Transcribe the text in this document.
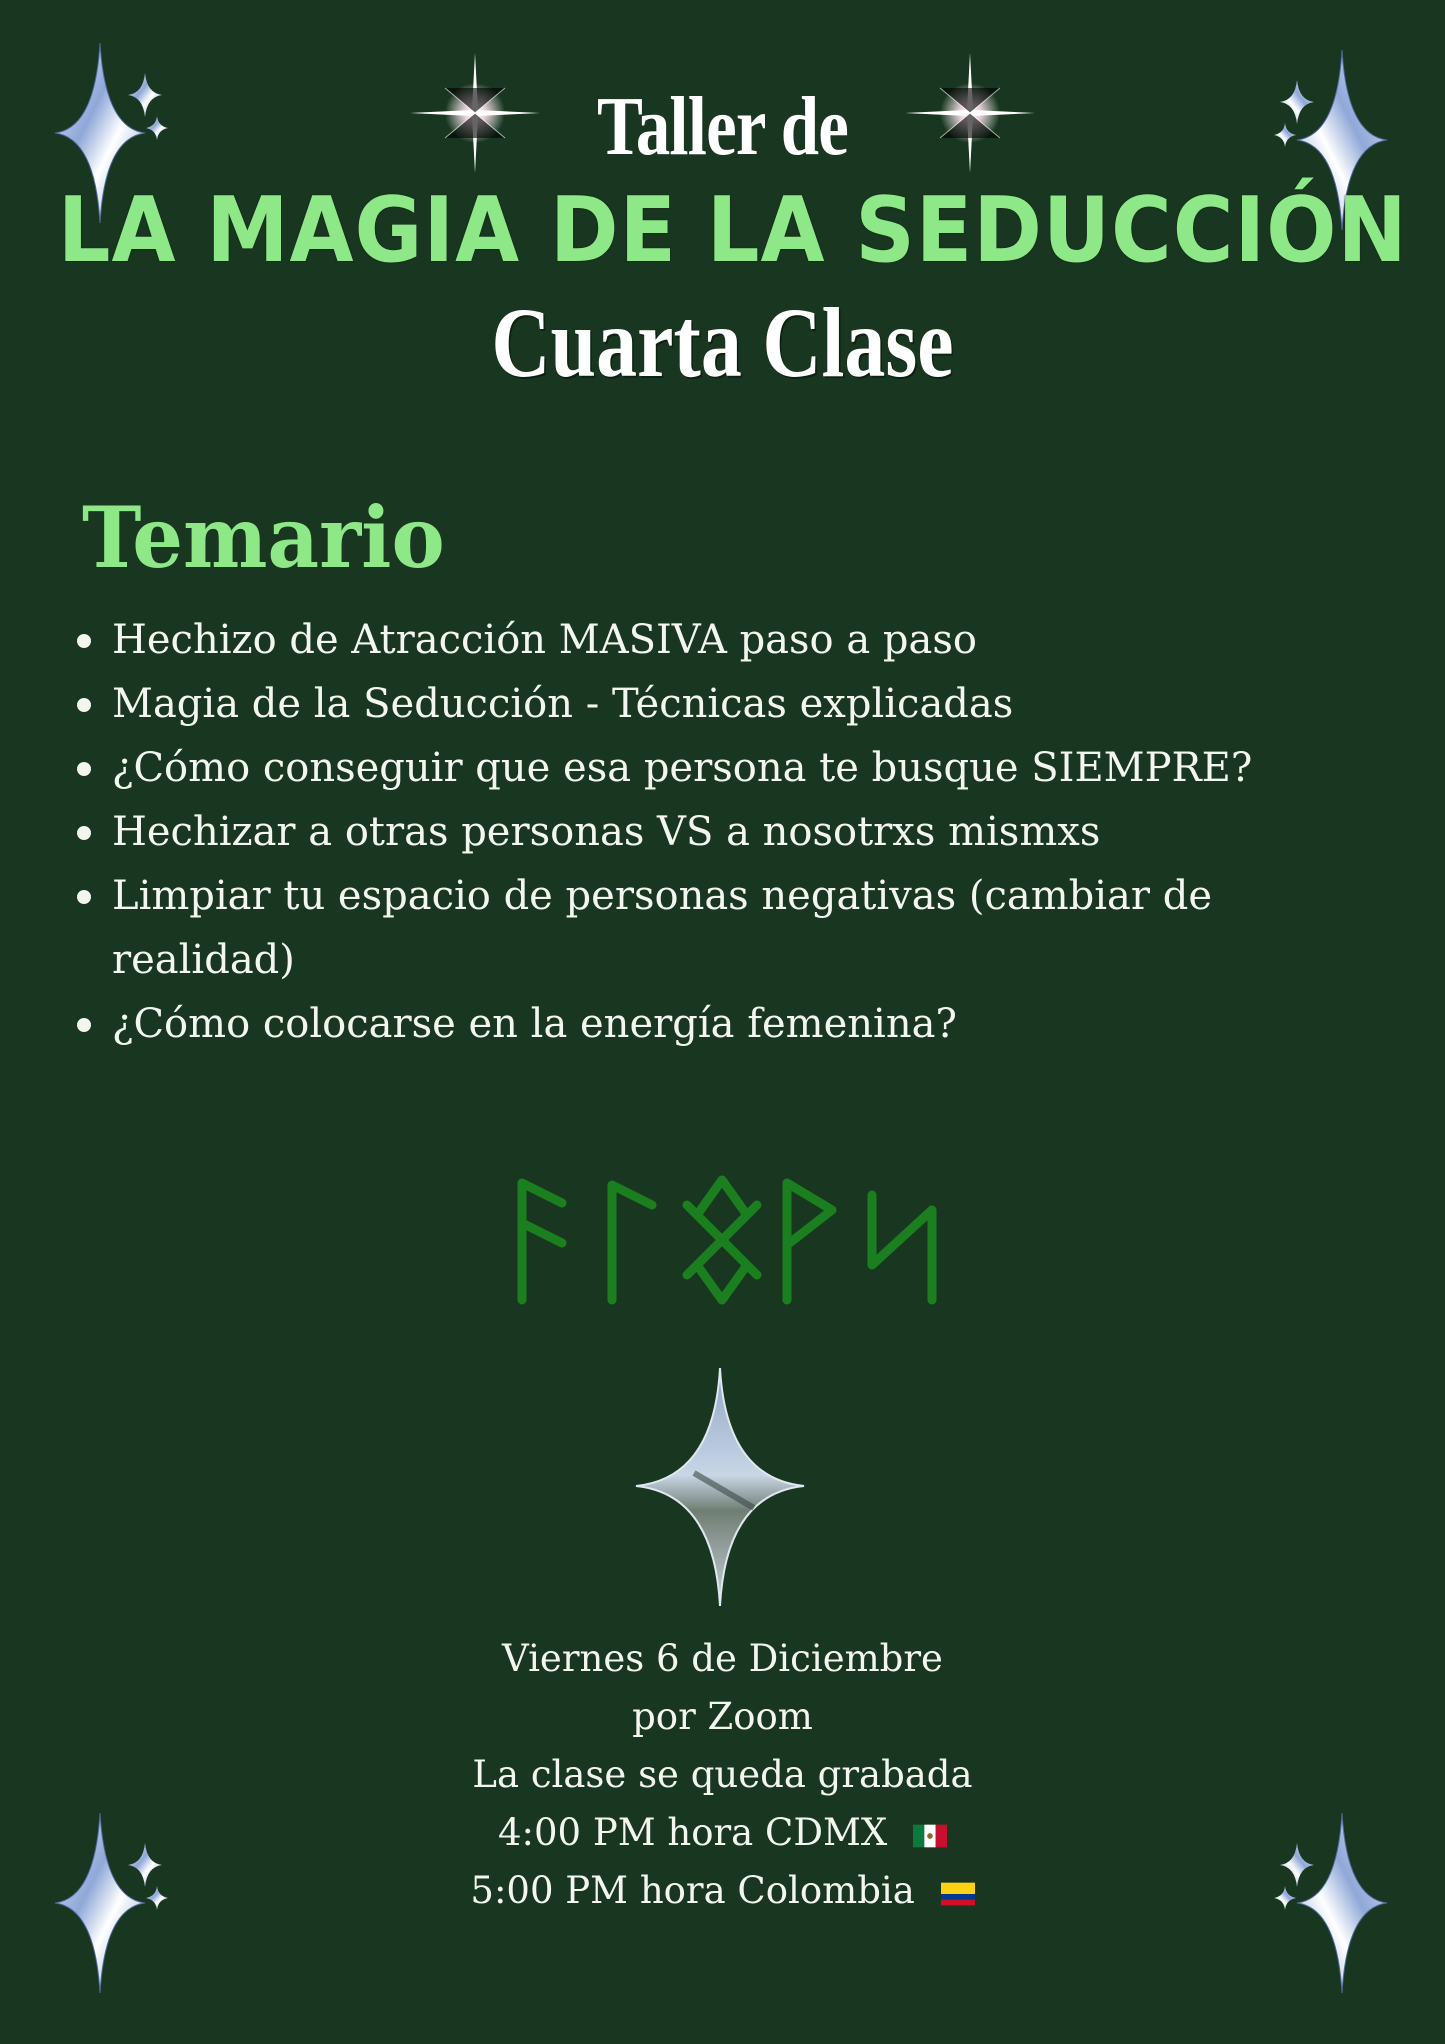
Taller de
LA MAGIA DE LA SEDUCCIÓN
Cuarta Clase
Temario
Hechizo de Atracción MASIVA paso a paso
Magia de la Seducción - Técnicas explicadas
¿Cómo conseguir que esa persona te busque SIEMPRE?
Hechizar a otras personas VS a nosotrxs mismxs
Limpiar tu espacio de personas negativas (cambiar de realidad)
¿Cómo colocarse en la energía femenina?
Viernes 6 de Diciembre
por Zoom
La clase se queda grabada
4:00 PM hora CDMX
5:00 PM hora Colombia
